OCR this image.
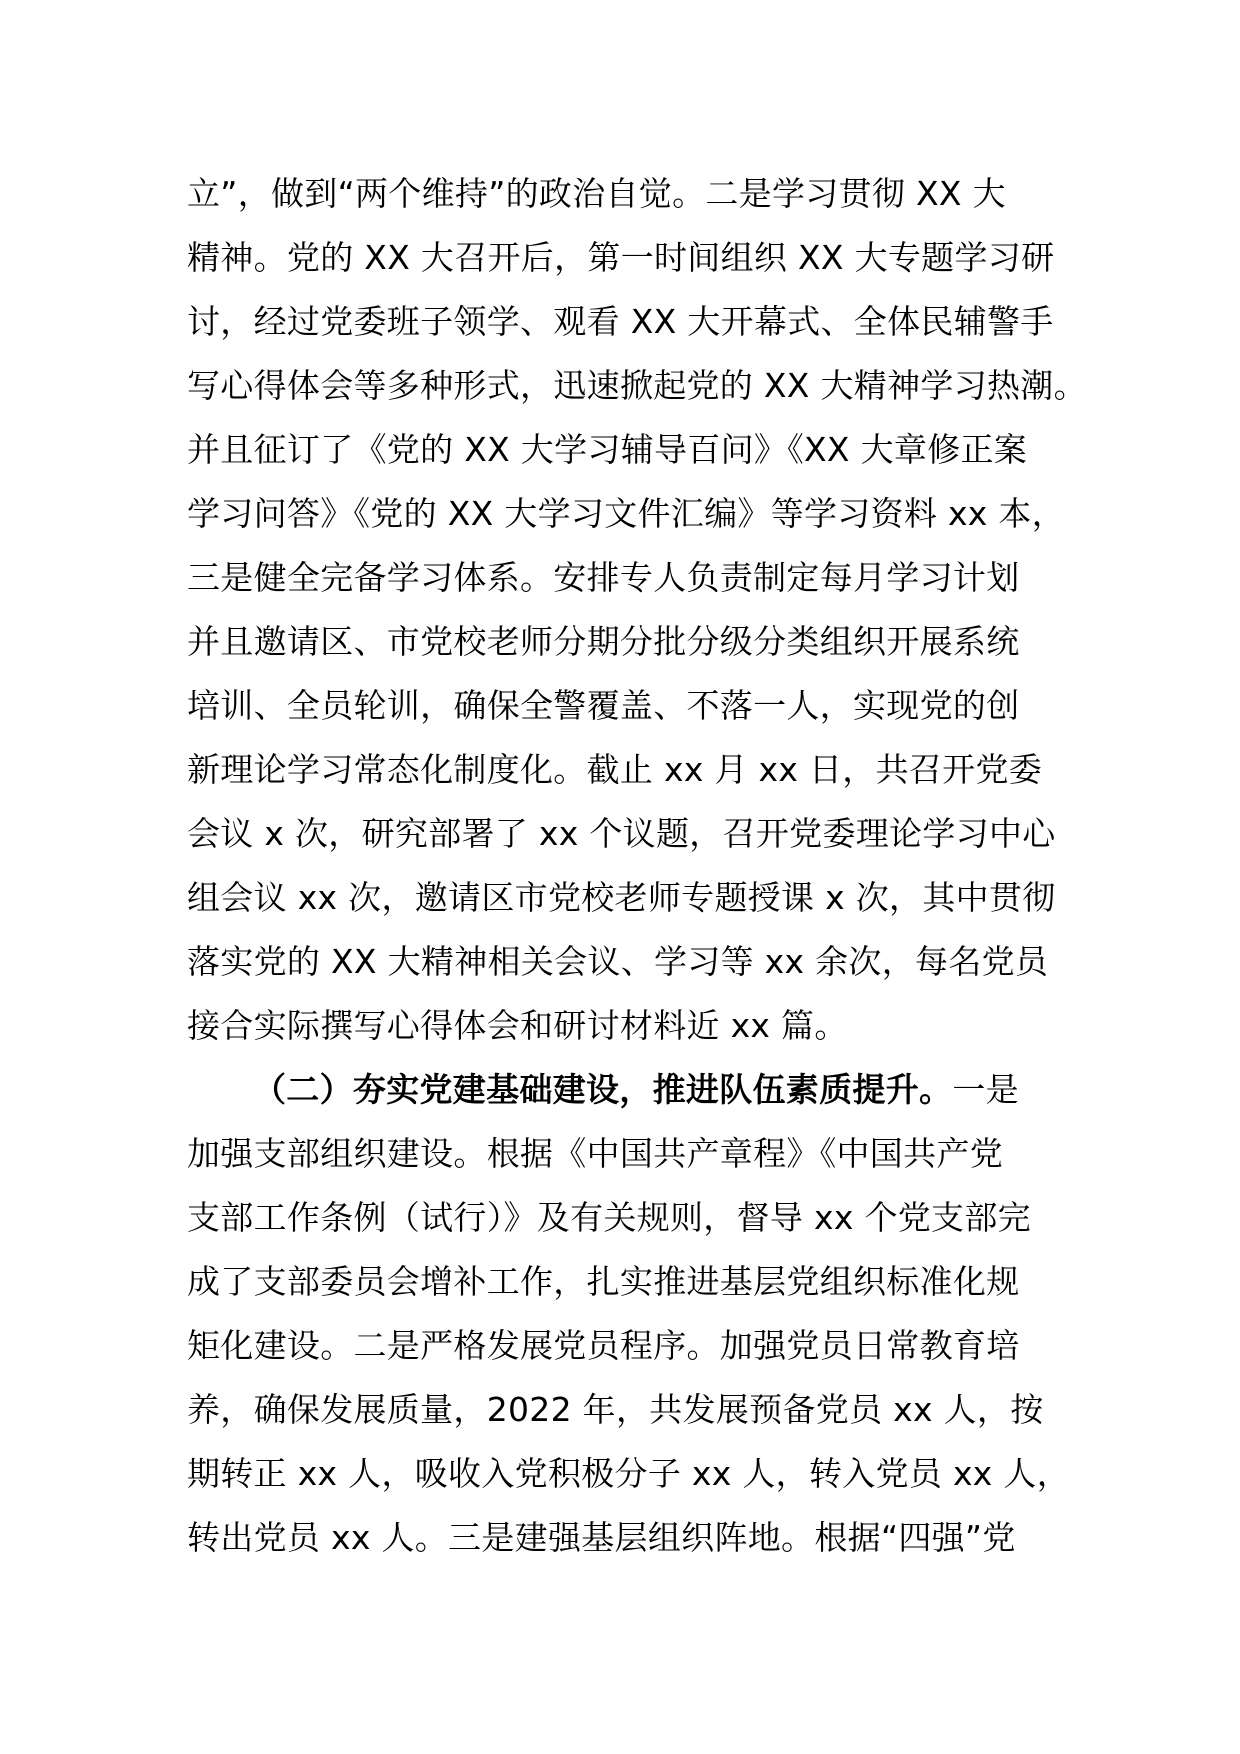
立”，做到“两个维持”的政治自觉。二是学习贯彻 XX 大
精神。党的 XX 大召开后，第一时间组织 XX 大专题学习研
讨，经过党委班子领学、观看 XX 大开幕式、全体民辅警手
写心得体会等多种形式，迅速掀起党的 XX 大精神学习热潮。
并且征订了《党的 XX 大学习辅导百问》《XX 大章修正案
学习问答》《党的 XX 大学习文件汇编》等学习资料 xx 本，
三是健全完备学习体系。安排专人负责制定每月学习计划
并且邀请区、市党校老师分期分批分级分类组织开展系统
培训、全员轮训，确保全警覆盖、不落一人，实现党的创
新理论学习常态化制度化。截止 xx 月 xx 日，共召开党委
会议 x 次，研究部署了 xx 个议题，召开党委理论学习中心
组会议 xx 次，邀请区市党校老师专题授课 x 次，其中贯彻
落实党的 XX 大精神相关会议、学习等 xx 余次，每名党员
接合实际撰写心得体会和研讨材料近 xx 篇。
（二）夯实党建基础建设，推进队伍素质提升。一是
加强支部组织建设。根据《中国共产章程》《中国共产党
支部工作条例（试行）》及有关规则，督导 xx 个党支部完
成了支部委员会增补工作，扎实推进基层党组织标准化规
矩化建设。二是严格发展党员程序。加强党员日常教育培
养，确保发展质量，2022 年，共发展预备党员 xx 人，按
期转正 xx 人，吸收入党积极分子 xx 人，转入党员 xx 人，
转出党员 xx 人。三是建强基层组织阵地。根据“四强”党
